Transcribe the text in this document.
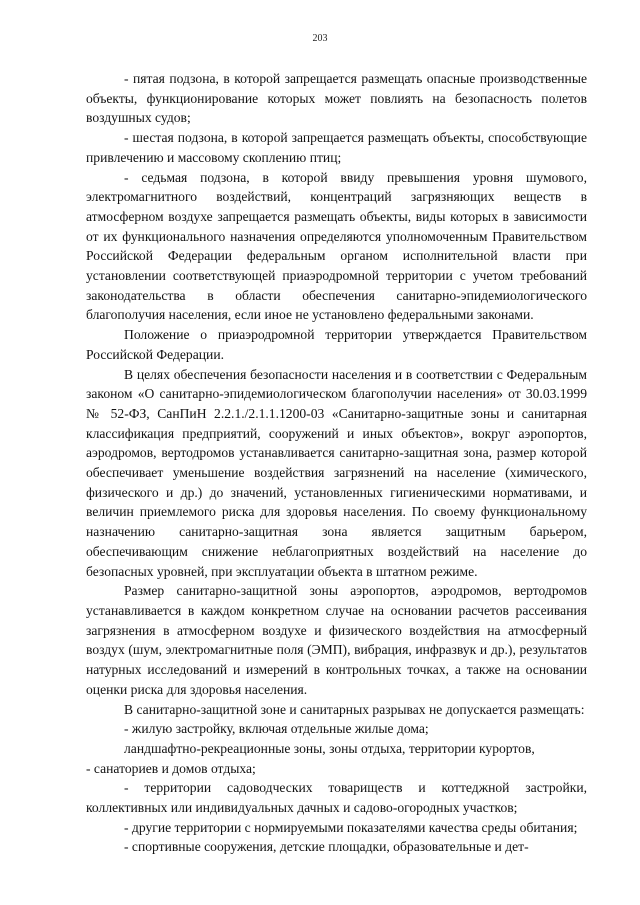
203

- пятая подзона, в которой запрещается размещать опасные производственные объекты, функционирование которых может повлиять на безопасность полетов воздушных судов;

- шестая подзона, в которой запрещается размещать объекты, способствующие привлечению и массовому скоплению птиц;

- седьмая подзона, в которой ввиду превышения уровня шумового, электромагнитного воздействий, концентраций загрязняющих веществ в атмосферном воздухе запрещается размещать объекты, виды которых в зависимости от их функционального назначения определяются уполномоченным Правительством Российской Федерации федеральным органом исполнительной власти при установлении соответствующей приаэродромной территории с учетом требований законодательства в области обеспечения санитарно-эпидемиологического благополучия населения, если иное не установлено федеральными законами.

Положение о приаэродромной территории утверждается Правительством Российской Федерации.

В целях обеспечения безопасности населения и в соответствии с Федеральным законом «О санитарно-эпидемиологическом благополучии населения» от 30.03.1999 № 52-ФЗ, СанПиН 2.2.1./2.1.1.1200-03 «Санитарно-защитные зоны и санитарная классификация предприятий, сооружений и иных объектов», вокруг аэропортов, аэродромов, вертодромов устанавливается санитарно-защитная зона, размер которой обеспечивает уменьшение воздействия загрязнений на население (химического, физического и др.) до значений, установленных гигиеническими нормативами, и величин приемлемого риска для здоровья населения. По своему функциональному назначению санитарно-защитная зона является защитным барьером, обеспечивающим снижение неблагоприятных воздействий на население до безопасных уровней, при эксплуатации объекта в штатном режиме.

Размер санитарно-защитной зоны аэропортов, аэродромов, вертодромов устанавливается в каждом конкретном случае на основании расчетов рассеивания загрязнения в атмосферном воздухе и физического воздействия на атмосферный воздух (шум, электромагнитные поля (ЭМП), вибрация, инфразвук и др.), результатов натурных исследований и измерений в контрольных точках, а также на основании оценки риска для здоровья населения.

В санитарно-защитной зоне и санитарных разрывах не допускается размещать:

- жилую застройку, включая отдельные жилые дома;

ландшафтно-рекреационные зоны, зоны отдыха, территории курортов,

- санаториев и домов отдыха;

- территории садоводческих товариществ и коттеджной застройки, коллективных или индивидуальных дачных и садово-огородных участков;

- другие территории с нормируемыми показателями качества среды обитания;

- спортивные сооружения, детские площадки, образовательные и дет-
